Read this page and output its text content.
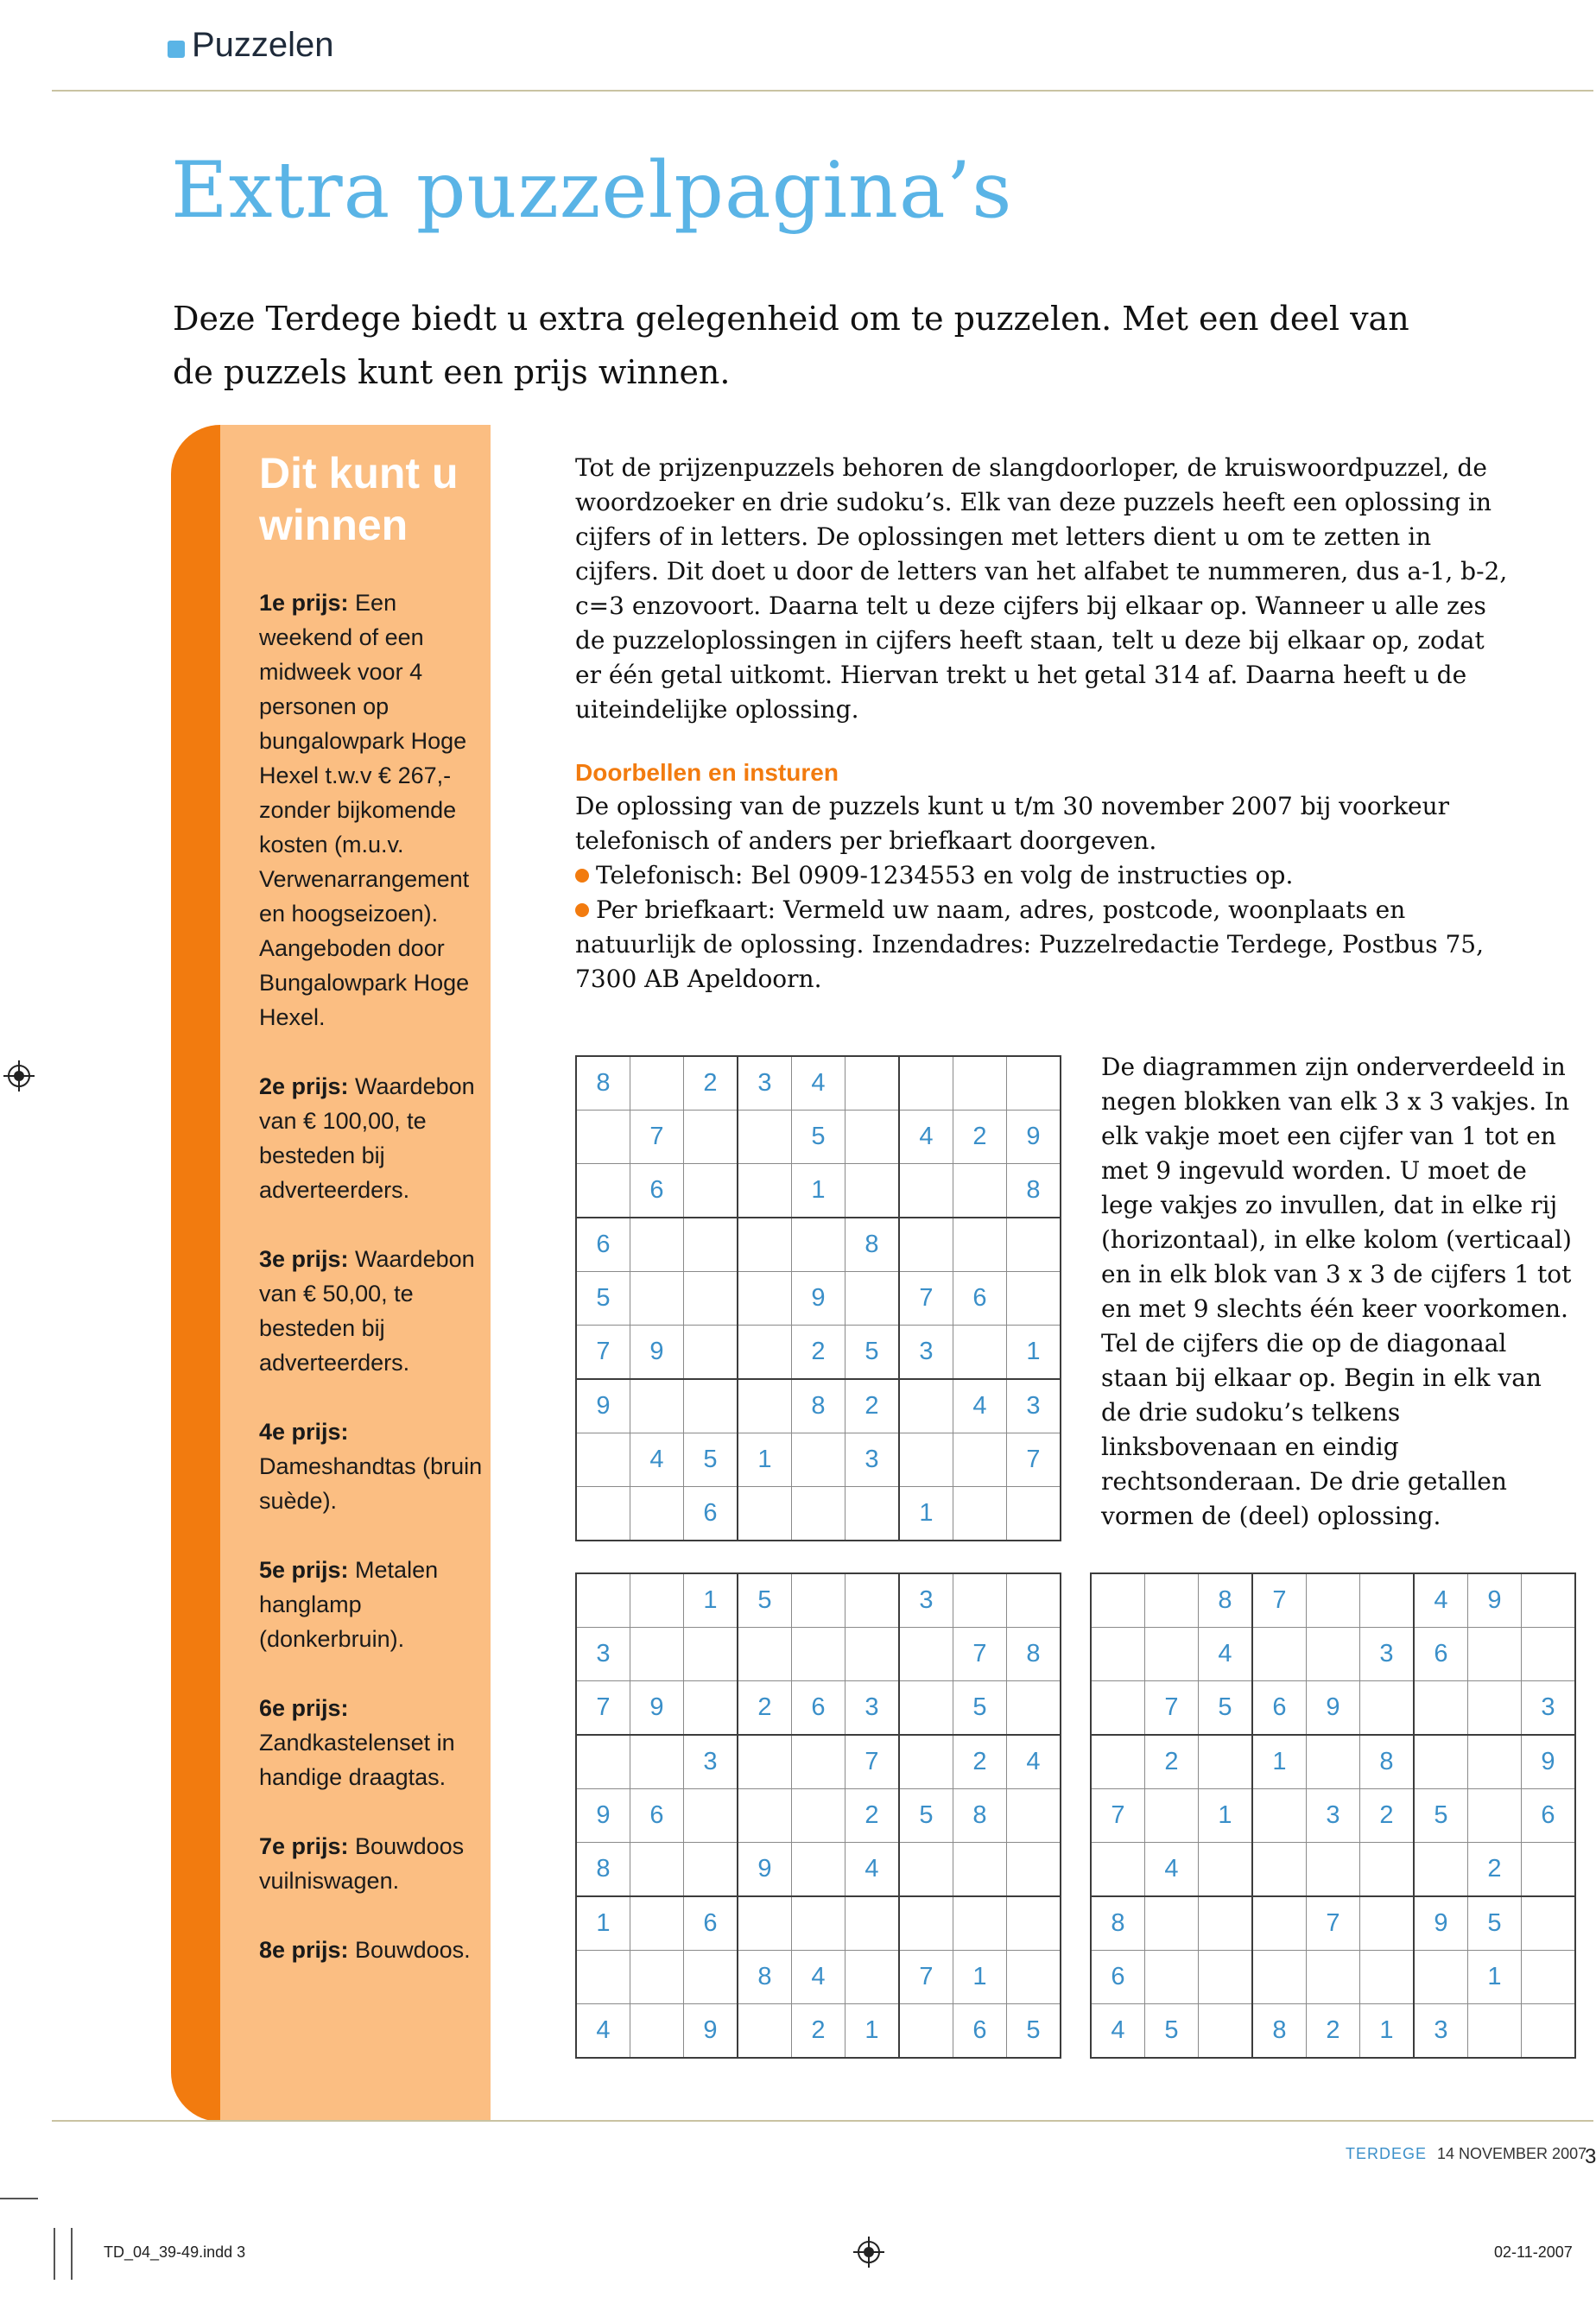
Puzzelen
Extra puzzelpagina’s
Deze Terdege biedt u extra gelegenheid om te puzzelen. Met een deel van de puzzels kunt een prijs winnen.
Dit kunt u winnen
1e prijs: Een weekend of een midweek voor 4 personen op bungalowpark Hoge Hexel t.w.v € 267,- zonder bijkomende kosten (m.u.v. Verwenarrangement en hoogseizoen). Aangeboden door Bungalowpark Hoge Hexel.
2e prijs: Waardebon van € 100,00, te besteden bij adverteerders.
3e prijs: Waardebon van € 50,00, te besteden bij adverteerders.
4e prijs: Dameshandtas (bruin suède).
5e prijs: Metalen hanglamp (donkerbruin).
6e prijs: Zandkastelenset in handige draagtas.
7e prijs: Bouwdoos vuilniswagen.
8e prijs: Bouwdoos.

Tot de prijzenpuzzels behoren de slangdoorloper, de kruiswoordpuzzel, de woordzoeker en drie sudoku’s. Elk van deze puzzels heeft een oplossing in cijfers of in letters. De oplossingen met letters dient u om te zetten in cijfers. Dit doet u door de letters van het alfabet te nummeren, dus a-1, b-2, c=3 enzovoort. Daarna telt u deze cijfers bij elkaar op. Wanneer u alle zes de puzzeloplossingen in cijfers heeft staan, telt u deze bij elkaar op, zodat er één getal uitkomt. Hiervan trekt u het getal 314 af. Daarna heeft u de uiteindelijke oplossing.

Doorbellen en insturen

De oplossing van de puzzels kunt u t/m 30 november 2007 bij voorkeur telefonisch of anders per briefkaart doorgeven.

Telefonisch: Bel 0909-1234553 en volg de instructies op.

Per briefkaart: Vermeld uw naam, adres, postcode, woonplaats en natuurlijk de oplossing. Inzendadres: Puzzelredactie Terdege, Postbus 75, 7300 AB Apeldoorn.

8		2	3	4				
	7			5		4	2	9
	6			1				8
6					8			
5				9		7	6	
7	9			2	5	3		1
9				8	2		4	3
	4	5	1		3			7
		6				1		
		1	5			3		
3							7	8
7	9		2	6	3		5	
		3			7		2	4
9	6				2	5	8	
8			9		4			
1		6						
			8	4		7	1	
4		9		2	1		6	5
		8	7			4	9	
		4			3	6		
	7	5	6	9				3
	2		1		8			9
7		1		3	2	5		6
	4						2	
8				7		9	5	
6							1	
4	5		8	2	1	3		

De diagrammen zijn onderverdeeld in negen blokken van elk 3 x 3 vakjes. In elk vakje moet een cijfer van 1 tot en met 9 ingevuld worden. U moet de lege vakjes zo invullen, dat in elke rij (horizontaal), in elke kolom (verticaal) en in elk blok van 3 x 3 de cijfers 1 tot en met 9 slechts één keer voorkomen.

Tel de cijfers die op de diagonaal staan bij elkaar op. Begin in elk van de drie sudoku’s telkens linksbovenaan en eindig rechtsonderaan. De drie getallen vormen de (deel) oplossing.

TERDEGE 14 NOVEMBER 2007
3
TD_04_39-49.indd 3	02-11-2007
